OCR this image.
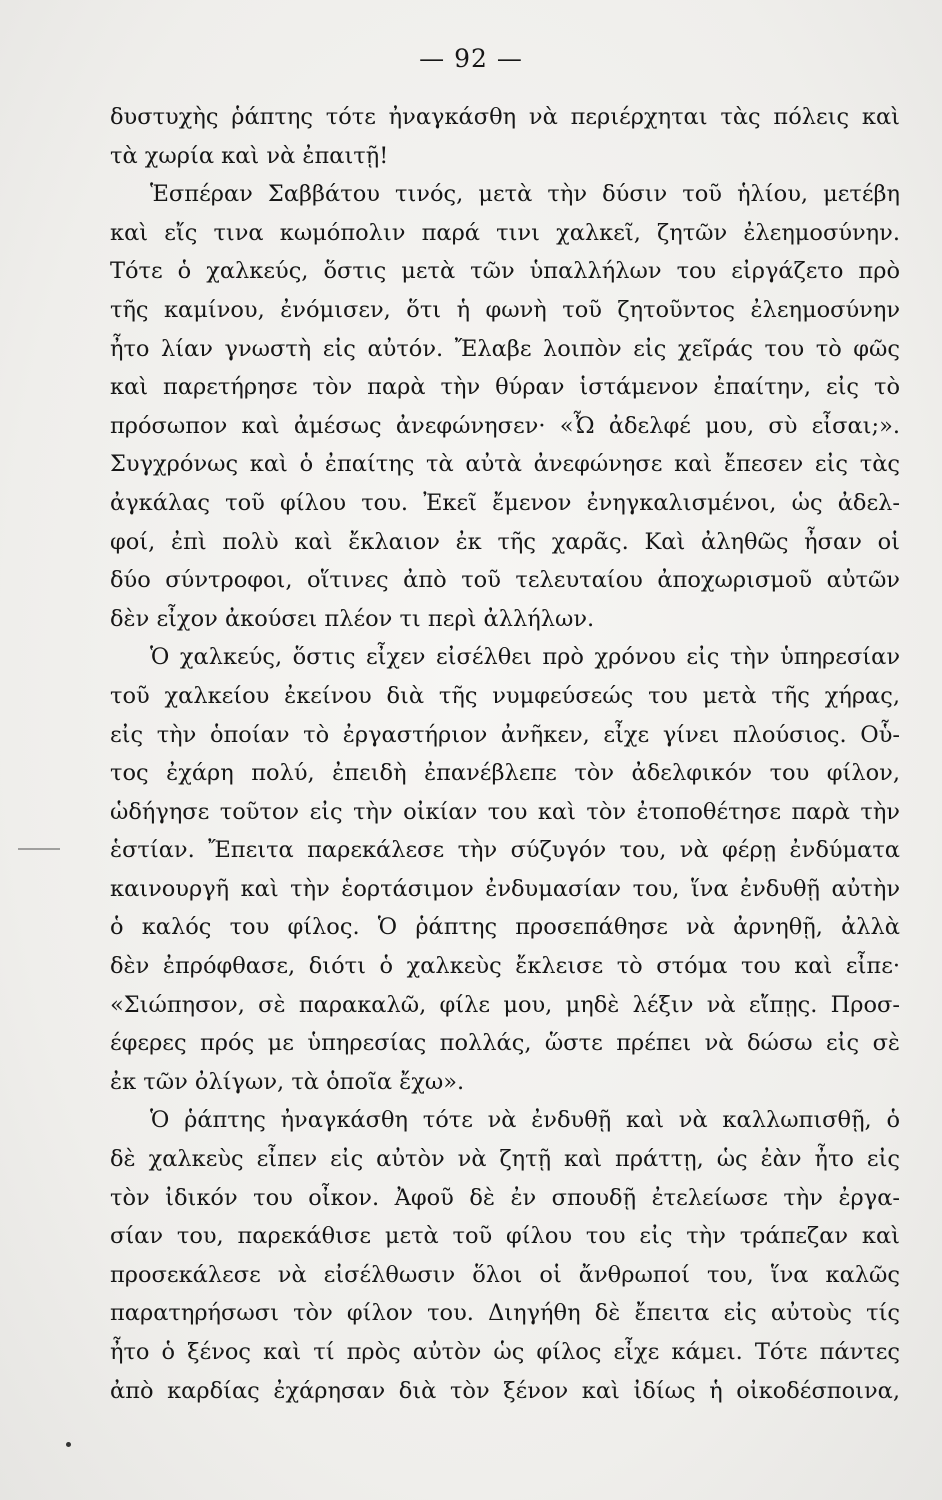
— 92 —
δυστυχὴς ῥάπτης τότε ἠναγκάσθη νὰ περιέρχηται τὰς πόλεις καὶ
τὰ χωρία καὶ νὰ ἐπαιτῇ!
Ἑσπέραν Σαββάτου τινός, μετὰ τὴν δύσιν τοῦ ἡλίου, μετέβη
καὶ εἴς τινα κωμόπολιν παρά τινι χαλκεῖ, ζητῶν ἐλεημοσύνην.
Τότε ὁ χαλκεύς, ὅστις μετὰ τῶν ὑπαλλήλων του εἰργάζετο πρὸ
τῆς καμίνου, ἐνόμισεν, ὅτι ἡ φωνὴ τοῦ ζητοῦντος ἐλεημοσύνην
ἦτο λίαν γνωστὴ εἰς αὐτόν. Ἔλαβε λοιπὸν εἰς χεῖράς του τὸ φῶς
καὶ παρετήρησε τὸν παρὰ τὴν θύραν ἱστάμενον ἐπαίτην, εἰς τὸ
πρόσωπον καὶ ἀμέσως ἀνεφώνησεν· «Ὦ ἀδελφέ μου, σὺ εἶσαι;».
Συγχρόνως καὶ ὁ ἐπαίτης τὰ αὐτὰ ἀνεφώνησε καὶ ἔπεσεν εἰς τὰς
ἀγκάλας τοῦ φίλου του. Ἐκεῖ ἔμενον ἐνηγκαλισμένοι, ὡς ἀδελ-
φοί, ἐπὶ πολὺ καὶ ἔκλαιον ἐκ τῆς χαρᾶς. Καὶ ἀληθῶς ἦσαν οἱ
δύο σύντροφοι, οἵτινες ἀπὸ τοῦ τελευταίου ἀποχωρισμοῦ αὐτῶν
δὲν εἶχον ἀκούσει πλέον τι περὶ ἀλλήλων.
Ὁ χαλκεύς, ὅστις εἶχεν εἰσέλθει πρὸ χρόνου εἰς τὴν ὑπηρεσίαν
τοῦ χαλκείου ἐκείνου διὰ τῆς νυμφεύσεώς του μετὰ τῆς χήρας,
εἰς τὴν ὁποίαν τὸ ἐργαστήριον ἀνῆκεν, εἶχε γίνει πλούσιος. Οὗ-
τος ἐχάρη πολύ, ἐπειδὴ ἐπανέβλεπε τὸν ἀδελφικόν του φίλον,
ὡδήγησε τοῦτον εἰς τὴν οἰκίαν του καὶ τὸν ἐτοποθέτησε παρὰ τὴν
ἑστίαν. Ἔπειτα παρεκάλεσε τὴν σύζυγόν του, νὰ φέρῃ ἐνδύματα
καινουργῆ καὶ τὴν ἑορτάσιμον ἐνδυμασίαν του, ἵνα ἐνδυθῇ αὐτὴν
ὁ καλός του φίλος. Ὁ ῥάπτης προσεπάθησε νὰ ἀρνηθῇ, ἀλλὰ
δὲν ἐπρόφθασε, διότι ὁ χαλκεὺς ἔκλεισε τὸ στόμα του καὶ εἶπε·
«Σιώπησον, σὲ παρακαλῶ, φίλε μου, μηδὲ λέξιν νὰ εἴπῃς. Προσ-
έφερες πρός με ὑπηρεσίας πολλάς, ὥστε πρέπει νὰ δώσω εἰς σὲ
ἐκ τῶν ὀλίγων, τὰ ὁποῖα ἔχω».
Ὁ ῥάπτης ἠναγκάσθη τότε νὰ ἐνδυθῇ καὶ νὰ καλλωπισθῇ, ὁ
δὲ χαλκεὺς εἶπεν εἰς αὐτὸν νὰ ζητῇ καὶ πράττῃ, ὡς ἐὰν ἦτο εἰς
τὸν ἰδικόν του οἶκον. Ἀφοῦ δὲ ἐν σπουδῇ ἐτελείωσε τὴν ἐργα-
σίαν του, παρεκάθισε μετὰ τοῦ φίλου του εἰς τὴν τράπεζαν καὶ
προσεκάλεσε νὰ εἰσέλθωσιν ὅλοι οἱ ἄνθρωποί του, ἵνα καλῶς
παρατηρήσωσι τὸν φίλον του. Διηγήθη δὲ ἔπειτα εἰς αὐτοὺς τίς
ἦτο ὁ ξένος καὶ τί πρὸς αὐτὸν ὡς φίλος εἶχε κάμει. Τότε πάντες
ἀπὸ καρδίας ἐχάρησαν διὰ τὸν ξένον καὶ ἰδίως ἡ οἰκοδέσποινα,
